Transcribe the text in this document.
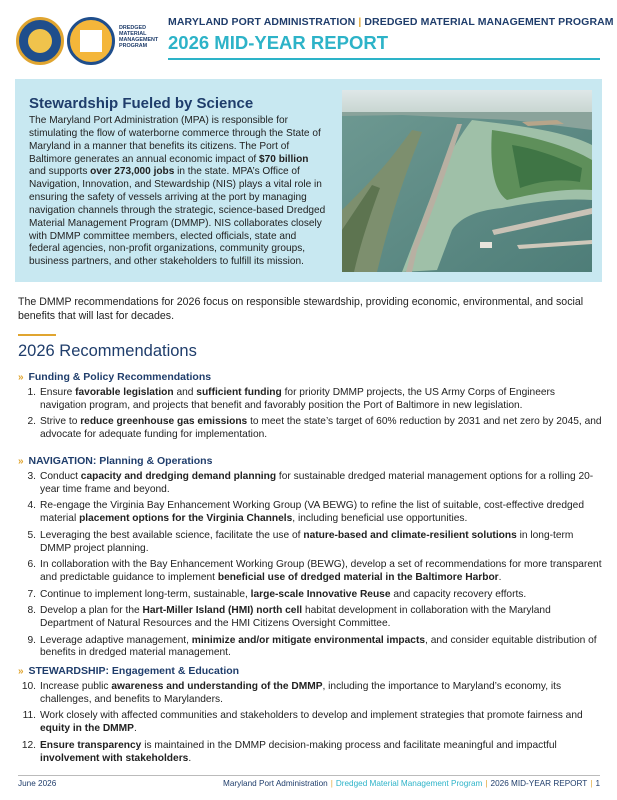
DREDGED MATERIAL MANAGEMENT PROGRAM
MARYLAND PORT ADMINISTRATION | DREDGED MATERIAL MANAGEMENT PROGRAM
2026 MID-YEAR REPORT
Stewardship Fueled by Science
The Maryland Port Administration (MPA) is responsible for stimulating the flow of waterborne commerce through the State of Maryland in a manner that benefits its citizens. The Port of Baltimore generates an annual economic impact of $70 billion and supports over 273,000 jobs in the state. MPA’s Office of Navigation, Innovation, and Stewardship (NIS) plays a vital role in ensuring the safety of vessels arriving at the port by managing navigation channels through the strategic, science-based Dredged Material Management Program (DMMP). NIS collaborates closely with DMMP committee members, elected officials, state and federal agencies, non-profit organizations, community groups, business partners, and other stakeholders to fulfill its mission.
The DMMP recommendations for 2026 focus on responsible stewardship, providing economic, environmental, and social benefits that will last for decades.
2026 Recommendations
» Funding & Policy Recommendations
1. Ensure favorable legislation and sufficient funding for priority DMMP projects, the US Army Corps of Engineers navigation program, and projects that benefit and favorably position the Port of Baltimore in new legislation.
2. Strive to reduce greenhouse gas emissions to meet the state’s target of 60% reduction by 2031 and net zero by 2045, and advocate for adequate funding for implementation.
» NAVIGATION: Planning & Operations
3. Conduct capacity and dredging demand planning for sustainable dredged material management options for a rolling 20-year time frame and beyond.
4. Re-engage the Virginia Bay Enhancement Working Group (VA BEWG) to refine the list of suitable, cost-effective dredged material placement options for the Virginia Channels, including beneficial use opportunities.
5. Leveraging the best available science, facilitate the use of nature-based and climate-resilient solutions in long-term DMMP project planning.
6. In collaboration with the Bay Enhancement Working Group (BEWG), develop a set of recommendations for more transparent and predictable guidance to implement beneficial use of dredged material in the Baltimore Harbor.
7. Continue to implement long-term, sustainable, large-scale Innovative Reuse and capacity recovery efforts.
8. Develop a plan for the Hart-Miller Island (HMI) north cell habitat development in collaboration with the Maryland Department of Natural Resources and the HMI Citizens Oversight Committee.
9. Leverage adaptive management, minimize and/or mitigate environmental impacts, and consider equitable distribution of benefits in dredged material management.
» STEWARDSHIP: Engagement & Education
10. Increase public awareness and understanding of the DMMP, including the importance to Maryland’s economy, its challenges, and benefits to Marylanders.
11. Work closely with affected communities and stakeholders to develop and implement strategies that promote fairness and equity in the DMMP.
12. Ensure transparency is maintained in the DMMP decision-making process and facilitate meaningful and impactful involvement with stakeholders.
June 2026	Maryland Port Administration | Dredged Material Management Program | 2026 MID-YEAR REPORT | 1
